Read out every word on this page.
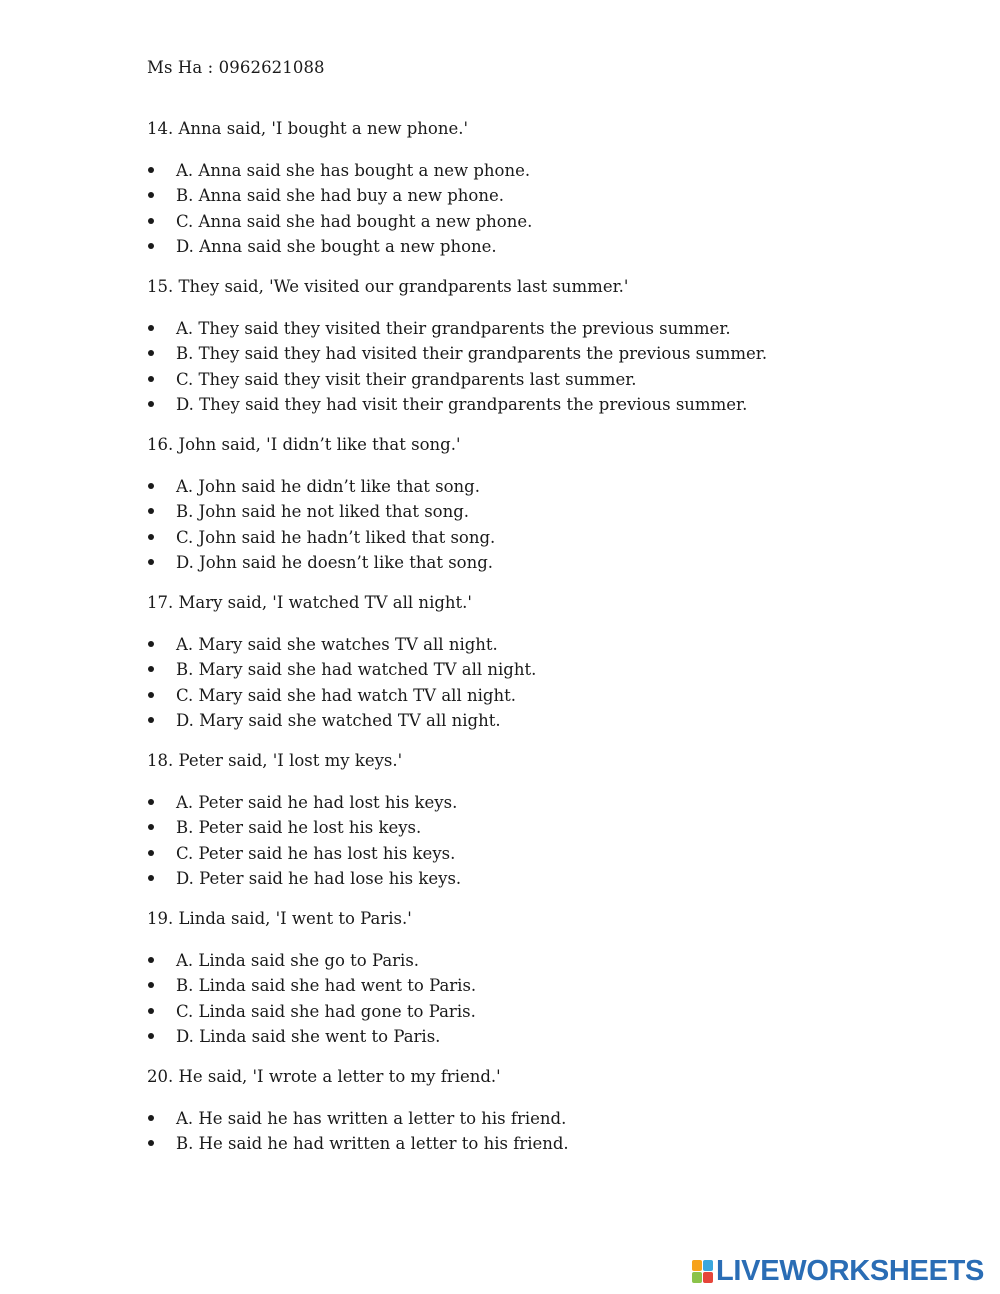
Ms Ha : 0962621088

14. Anna said, 'I bought a new phone.'

A. Anna said she has bought a new phone.
B. Anna said she had buy a new phone.
C. Anna said she had bought a new phone.
D. Anna said she bought a new phone.

15. They said, 'We visited our grandparents last summer.'

A. They said they visited their grandparents the previous summer.
B. They said they had visited their grandparents the previous summer.
C. They said they visit their grandparents last summer.
D. They said they had visit their grandparents the previous summer.

16. John said, 'I didn’t like that song.'

A. John said he didn’t like that song.
B. John said he not liked that song.
C. John said he hadn’t liked that song.
D. John said he doesn’t like that song.

17. Mary said, 'I watched TV all night.'

A. Mary said she watches TV all night.
B. Mary said she had watched TV all night.
C. Mary said she had watch TV all night.
D. Mary said she watched TV all night.

18. Peter said, 'I lost my keys.'

A. Peter said he had lost his keys.
B. Peter said he lost his keys.
C. Peter said he has lost his keys.
D. Peter said he had lose his keys.

19. Linda said, 'I went to Paris.'

A. Linda said she go to Paris.
B. Linda said she had went to Paris.
C. Linda said she had gone to Paris.
D. Linda said she went to Paris.

20. He said, 'I wrote a letter to my friend.'

A. He said he has written a letter to his friend.
B. He said he had written a letter to his friend.
LIVEWORKSHEETS
